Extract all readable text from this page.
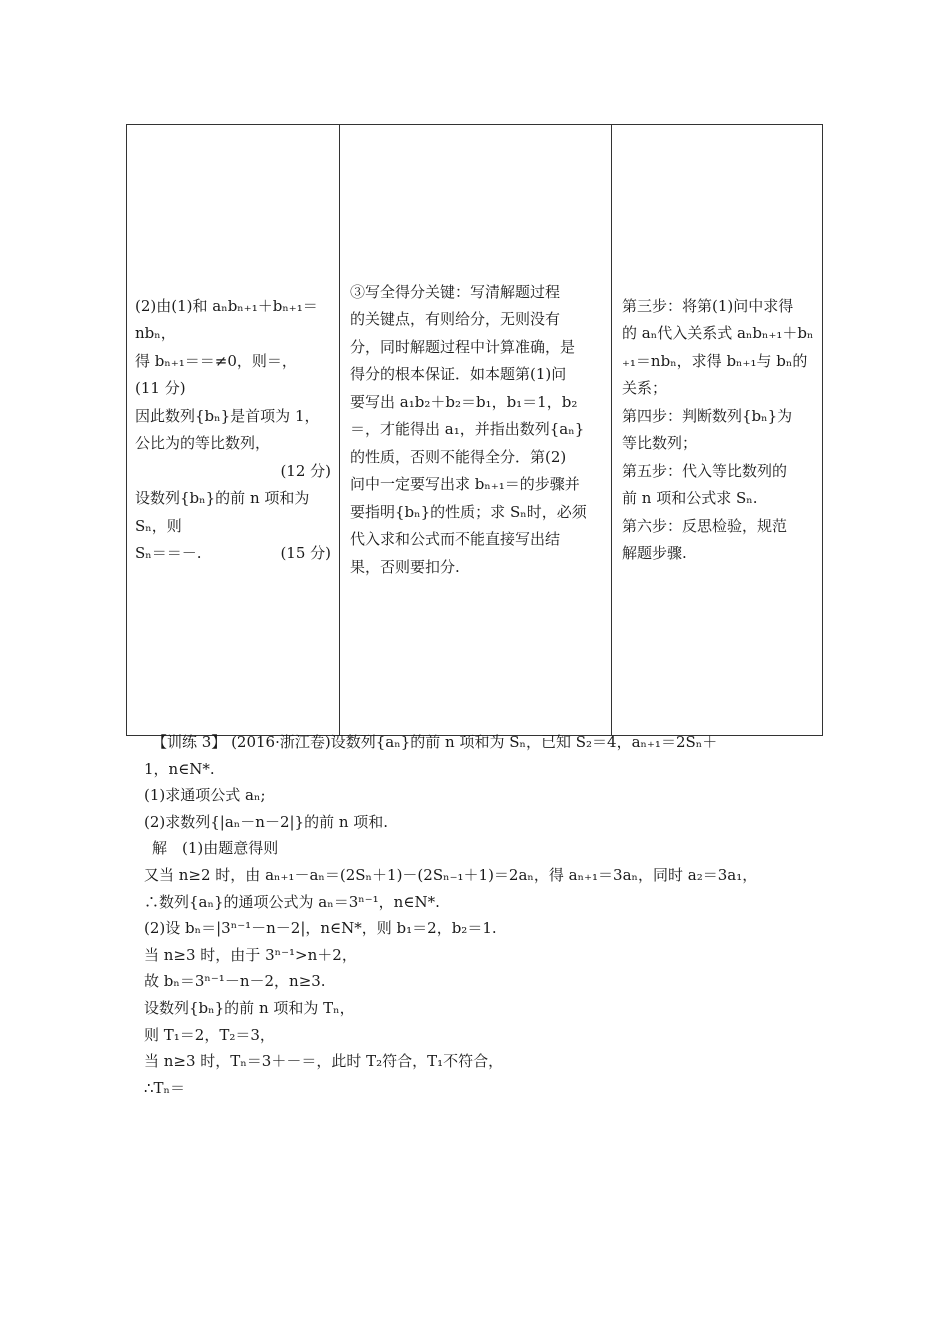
(2)由(1)和 aₙbₙ₊₁＋bₙ₊₁＝
nbₙ，
得 bₙ₊₁＝＝≠0，则＝，
(11 分)
因此数列{bₙ}是首项为 1，
公比为的等比数列，
(12 分)
设数列{bₙ}的前 n 项和为
Sₙ，则
Sₙ＝＝－.	(15 分)
③写全得分关键：写清解题过程
的关键点，有则给分，无则没有
分，同时解题过程中计算准确，是
得分的根本保证．如本题第(1)问
要写出 a₁b₂＋b₂＝b₁，b₁＝1，b₂
＝，才能得出 a₁，并指出数列{aₙ}
的性质，否则不能得全分．第(2)
问中一定要写出求 bₙ₊₁＝的步骤并
要指明{bₙ}的性质；求 Sₙ时，必须
代入求和公式而不能直接写出结
果，否则要扣分.
第三步：将第(1)问中求得
的 aₙ代入关系式 aₙbₙ₊₁＋bₙ
₊₁＝nbₙ，求得 bₙ₊₁与 bₙ的
关系；
第四步：判断数列{bₙ}为
等比数列；
第五步：代入等比数列的
前 n 项和公式求 Sₙ.
第六步：反思检验，规范
解题步骤.
【训练 3】 (2016·浙江卷)设数列{aₙ}的前 n 项和为 Sₙ，已知 S₂＝4，aₙ₊₁＝2Sₙ＋
1，n∈N*.
(1)求通项公式 aₙ;
(2)求数列{|aₙ－n－2|}的前 n 项和.
解　(1)由题意得则
又当 n≥2 时，由 aₙ₊₁－aₙ＝(2Sₙ＋1)－(2Sₙ₋₁＋1)＝2aₙ，得 aₙ₊₁＝3aₙ，同时 a₂＝3a₁，
∴数列{aₙ}的通项公式为 aₙ＝3ⁿ⁻¹，n∈N*.
(2)设 bₙ＝|3ⁿ⁻¹－n－2|，n∈N*，则 b₁＝2，b₂＝1.
当 n≥3 时，由于 3ⁿ⁻¹>n＋2，
故 bₙ＝3ⁿ⁻¹－n－2，n≥3.
设数列{bₙ}的前 n 项和为 Tₙ，
则 T₁＝2，T₂＝3，
当 n≥3 时，Tₙ＝3＋－＝，此时 T₂符合，T₁不符合，
∴Tₙ＝
